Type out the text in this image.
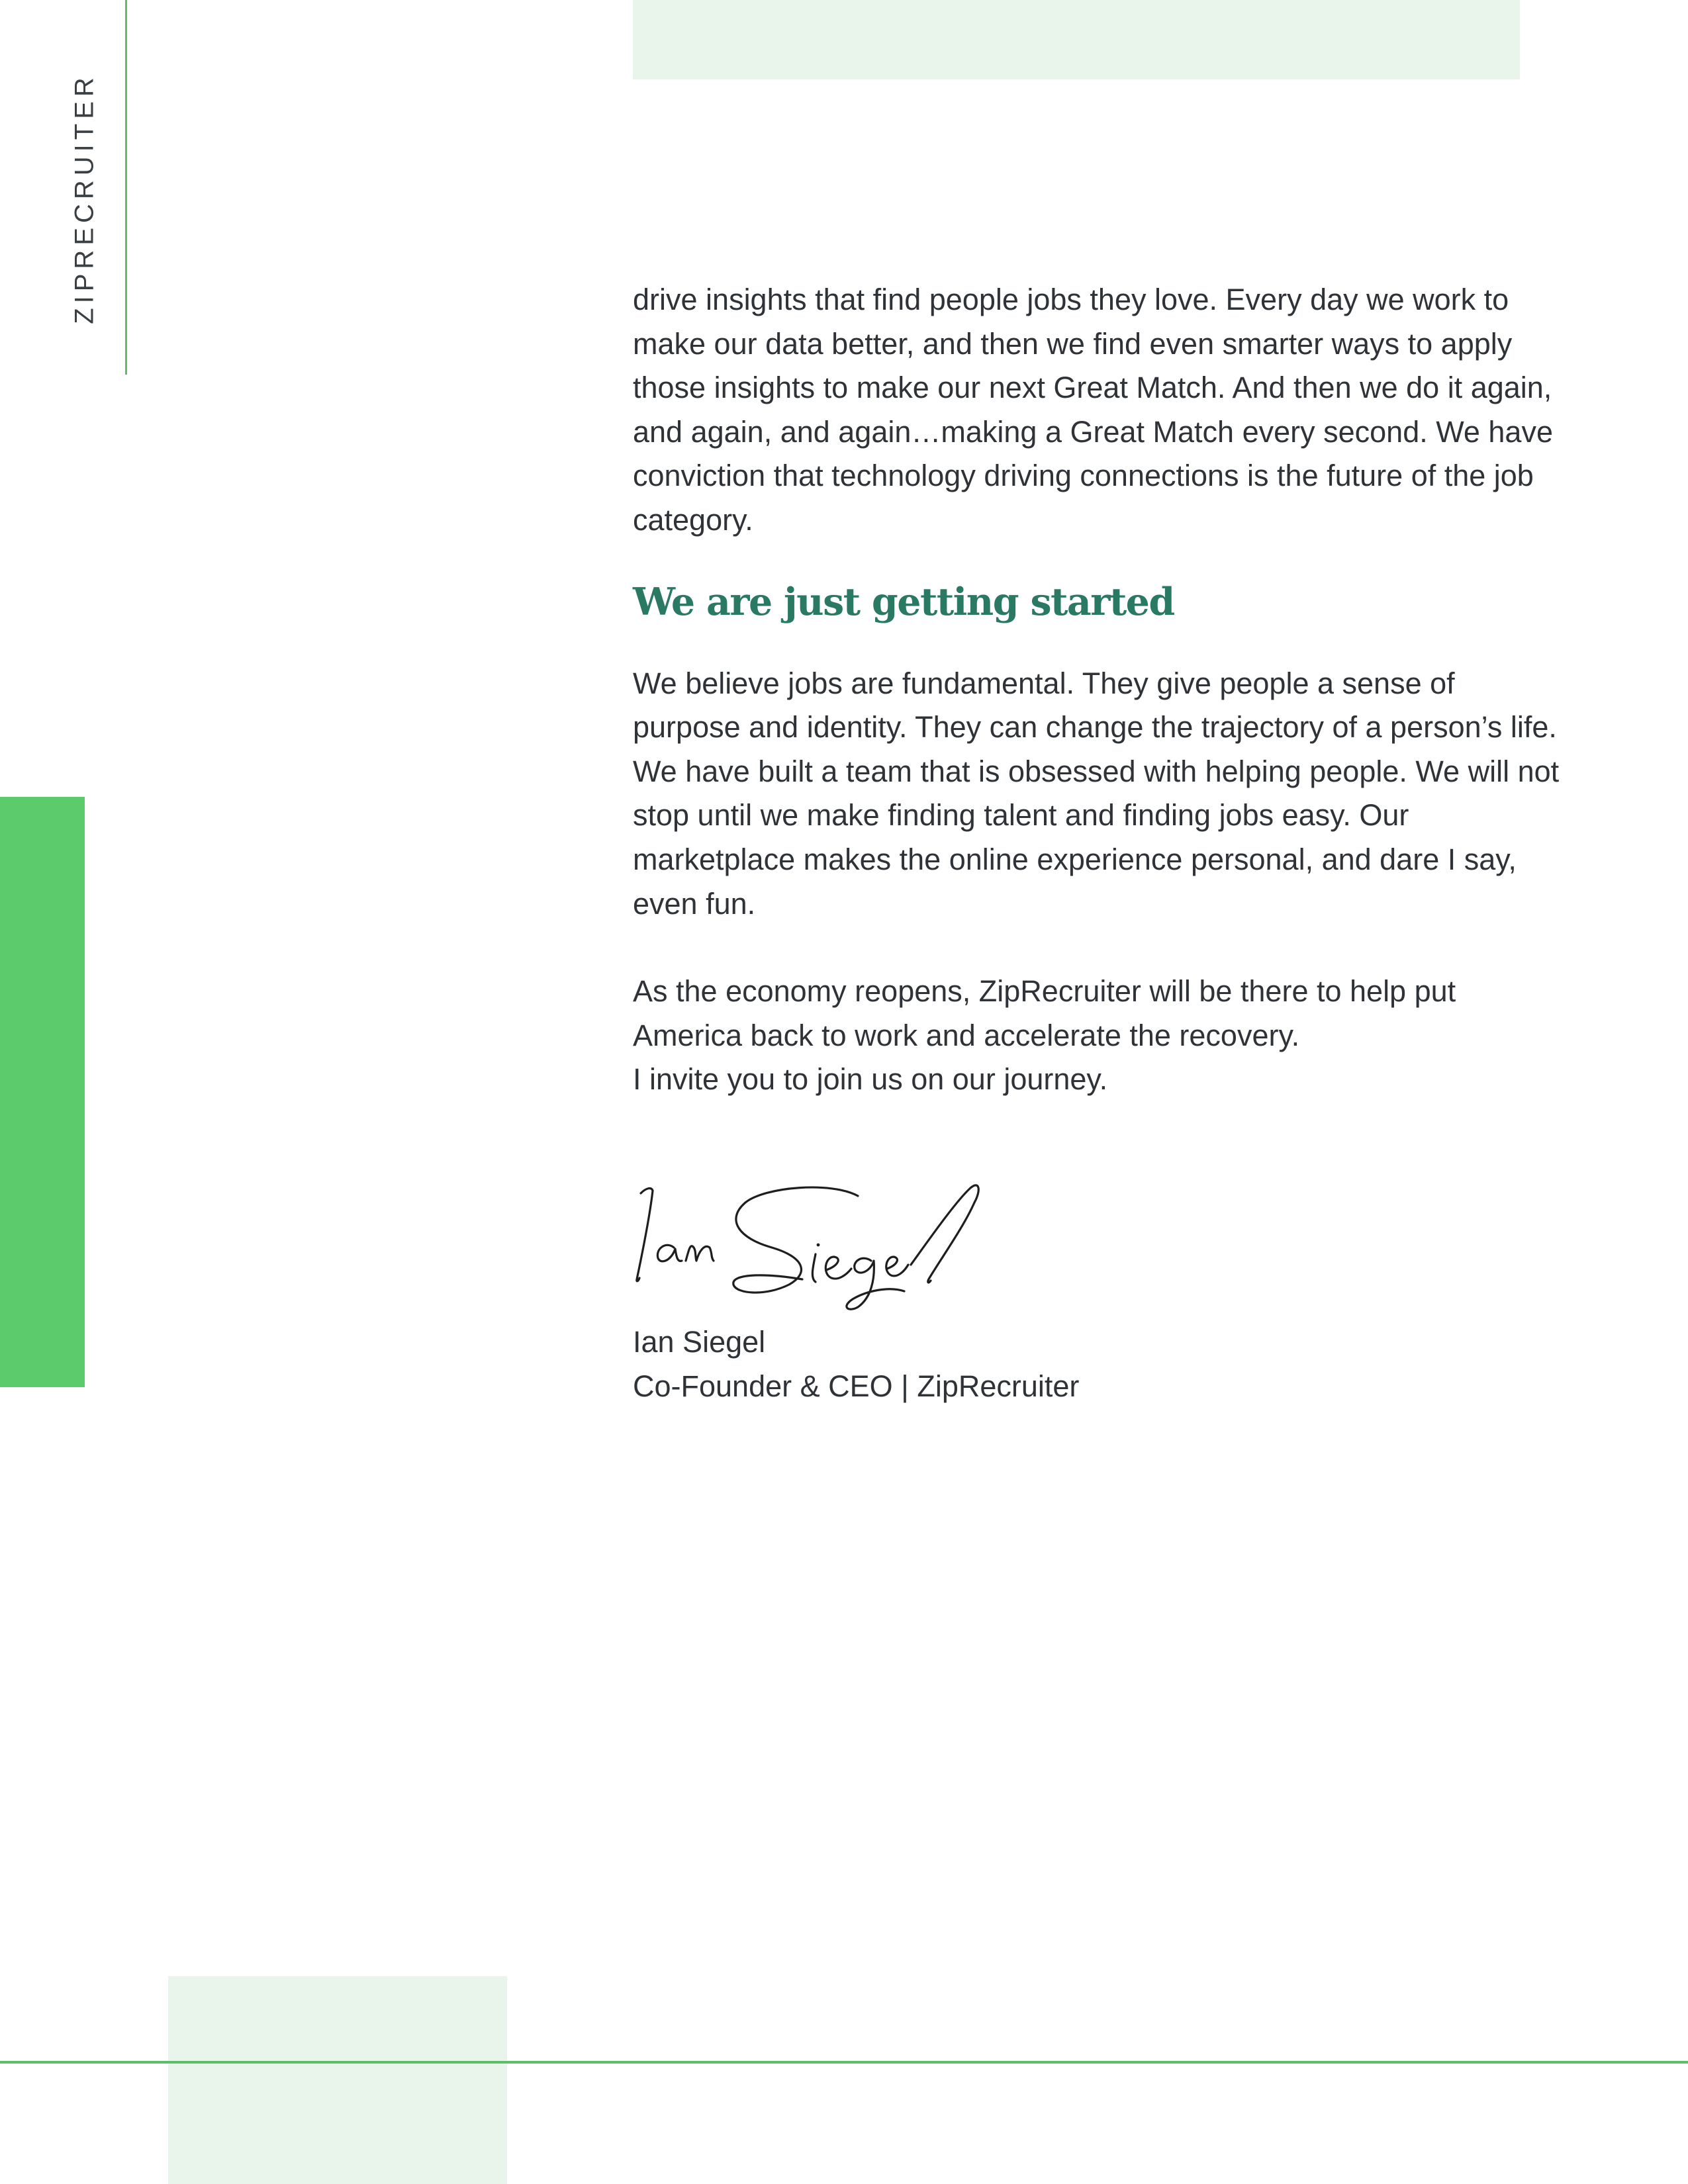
ZIPRECRUITER	drive insights that find people jobs they love. Every day we work to make our data better, and then we find even smarter ways to apply those insights to make our next Great Match. And then we do it again, and again, and again…making a Great Match every second. We have conviction that technology driving connections is the future of the job category.

We are just getting started

We believe jobs are fundamental. They give people a sense of purpose and identity. They can change the trajectory of a person’s life. We have built a team that is obsessed with helping people. We will not stop until we make finding talent and finding jobs easy. Our marketplace makes the online experience personal, and dare I say, even fun.

As the economy reopens, ZipRecruiter will be there to help put America back to work and accelerate the recovery.

I invite you to join us on our journey.

Ian Siegel

Co-Founder & CEO | ZipRecruiter
